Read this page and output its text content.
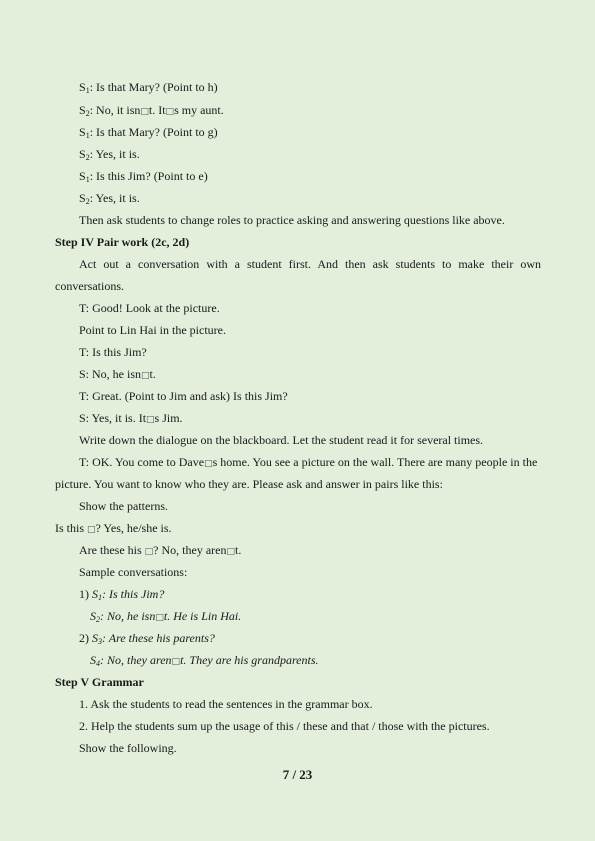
$S_1$: Is that Mary? (Point to h)
$S_2$: No, it isn□t. It□s my aunt.
$S_1$: Is that Mary? (Point to g)
$S_2$: Yes, it is.
$S_1$: Is this Jim? (Point to e)
$S_2$: Yes, it is.
Then ask students to change roles to practice asking and answering questions like above.
Step IV Pair work (2c, 2d)
Act out a conversation with a student first. And then ask students to make their own
conversations.
T: Good! Look at the picture.
Point to Lin Hai in the picture.
T: Is this Jim?
S: No, he isn□t.
T: Great. (Point to Jim and ask) Is this Jim?
S: Yes, it is. It□s Jim.
Write down the dialogue on the blackboard. Let the student read it for several times.
T: OK. You come to Dave□s home. You see a picture on the wall. There are many people in the
picture. You want to know who they are. Please ask and answer in pairs like this:
Show the patterns.
Is this □? Yes, he/she is.
Are these his □? No, they aren□t.
Sample conversations:
1) $S_1$: Is this Jim?
$S_2$: No, he isn□t. He is Lin Hai.
2) $S_3$: Are these his parents?
$S_4$: No, they aren□t. They are his grandparents.
Step V Grammar
1. Ask the students to read the sentences in the grammar box.
2. Help the students sum up the usage of this / these and that / those with the pictures.
Show the following.
7 / 23
